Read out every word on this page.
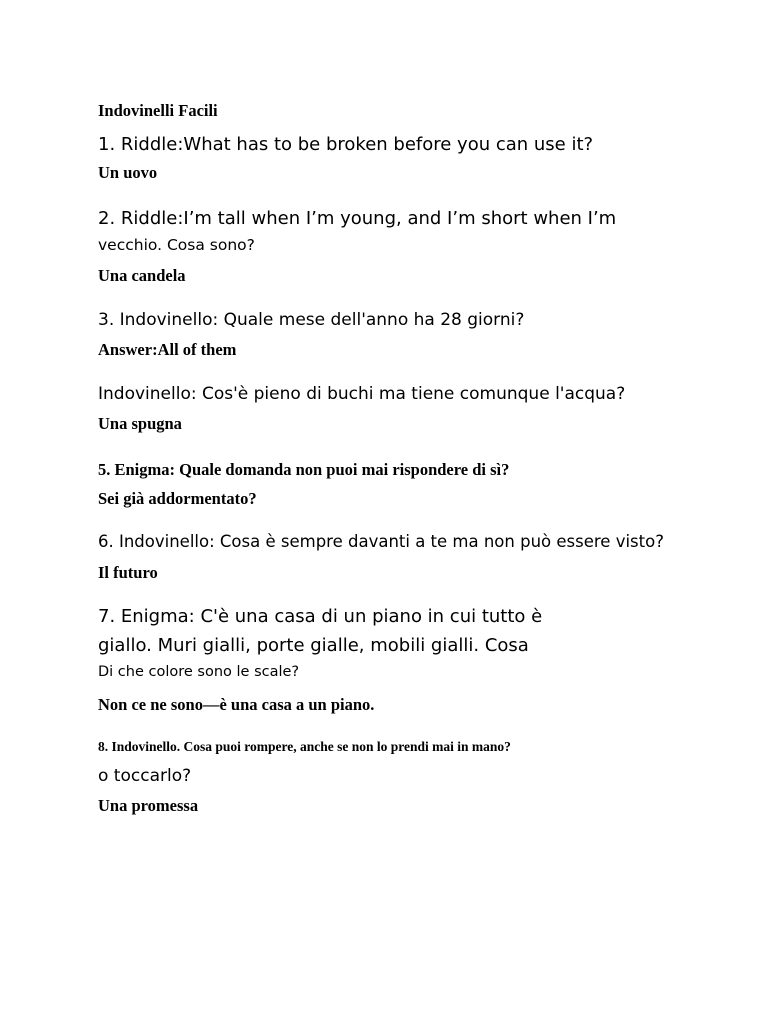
Indovinelli Facili
1. Riddle:What has to be broken before you can use it?
Un uovo
2. Riddle:I’m tall when I’m young, and I’m short when I’m
vecchio. Cosa sono?
Una candela
3. Indovinello: Quale mese dell'anno ha 28 giorni?
Answer:All of them
Indovinello: Cos'è pieno di buchi ma tiene comunque l'acqua?
Una spugna
5. Enigma: Quale domanda non puoi mai rispondere di sì?
Sei già addormentato?
6. Indovinello: Cosa è sempre davanti a te ma non può essere visto?
Il futuro
7. Enigma: C'è una casa di un piano in cui tutto è
giallo. Muri gialli, porte gialle, mobili gialli. Cosa
Di che colore sono le scale?
Non ce ne sono—è una casa a un piano.
8. Indovinello. Cosa puoi rompere, anche se non lo prendi mai in mano?
o toccarlo?
Una promessa
